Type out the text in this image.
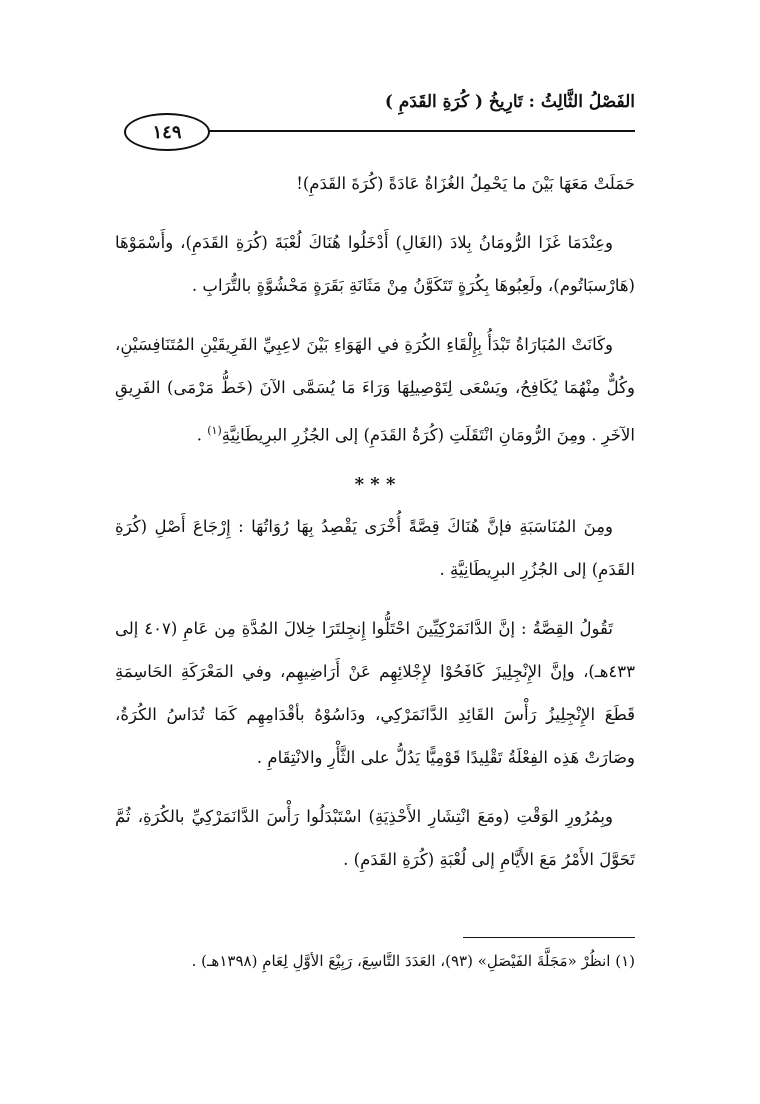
الفَصْلُ الثَّالِثُ : تَارِيخُ ( كُرَةِ القَدَمِ )
١٤٩

حَمَلَتْ مَعَهَا بَيْنَ ما يَحْمِلُ الغُزَاةُ عَادَةً (كُرَةَ القَدَمِ)!

وعِنْدَمَا غَزَا الرُّومَانُ بِلادَ (الغَالِ) أَدْخَلُوا هُنَاكَ لُعْبَةَ (كُرَةِ القَدَمِ)، وأَسْمَوْهَا (هَارْسبَاتُوم)، ولَعِبُوهَا بِكُرَةٍ تَتَكَوَّنُ مِنْ مَثَانَةِ بَقَرَةٍ مَحْشُوَّةٍ بالتُّرَابِ .

وكَانَتْ المُبَارَاةُ تَبْدَأُ بِإِلْقَاءِ الكُرَةِ في الهَوَاءِ بَيْنَ لاعِبِيِّ الفَرِيقَيْنِ المُتَنَافِسَيْنِ، وكُلٌّ مِنْهُمَا يُكَافِحُ، ويَسْعَى لِتَوْصِيلِهَا وَرَاءَ مَا يُسَمَّى الآنَ (خَطُّ مَرْمَى) الفَرِيقِ الآخَرِ . ومِنَ الرُّومَانِ انْتَقَلَتِ (كُرَةُ القَدَمِ) إلى الجُزُرِ البرِيطَانِيَّةِ$^{(١)}$ .

* * *

ومِنَ المُنَاسَبَةِ فإنَّ هُنَاكَ قِصَّةً أُخْرَى يَقْصِدُ بِهَا رُوَاتُهَا : إِرْجَاعَ أَصْلِ (كُرَةِ القَدَمِ) إلى الجُزُرِ البرِيطَانِيَّةِ .

تَقُولُ القِصَّةُ : إنَّ الدَّانَمَرْكِيِّينَ احْتَلُّوا إِنجِلتَرَا خِلالَ المُدَّةِ مِن عَامِ (٤٠٧ إلى ٤٣٣هـ)، وإنَّ الإِنْجِلِيزَ كَافَحُوْا لإِجْلائِهِم عَنْ أَرَاضِيهِم، وفي المَعْرَكَةِ الحَاسِمَةِ قَطَعَ الإِنْجِلِيزُ رَأْسَ القَائِدِ الدَّانَمَرْكِي، ودَاسُوْهُ بأقْدَامِهِم كَمَا تُدَاسُ الكُرَةُ، وصَارَتْ هَذِه الفِعْلَةُ تَقْلِيدًا قَوْمِيًّا يَدُلُّ على الثَّأْرِ والانْتِقَامِ .

وبِمُرُورِ الوَقْتِ (ومَعَ انْتِشَارِ الأَحْذِيَةِ) اسْتَبْدَلُوا رَأْسَ الدَّانَمَرْكِيِّ بالكُرَةِ، ثُمَّ تَحَوَّلَ الأَمْرُ مَعَ الأَيَّامِ إلى لُعْبَةِ (كُرَةِ القَدَمِ) .

(١) انظُرْ «مَجَلَّةَ الفَيْصَلِ» (٩٣)، العَدَدَ التَّاسِعَ، رَبِيْعَ الأوَّلِ لِعَامِ (١٣٩٨هـ) .
